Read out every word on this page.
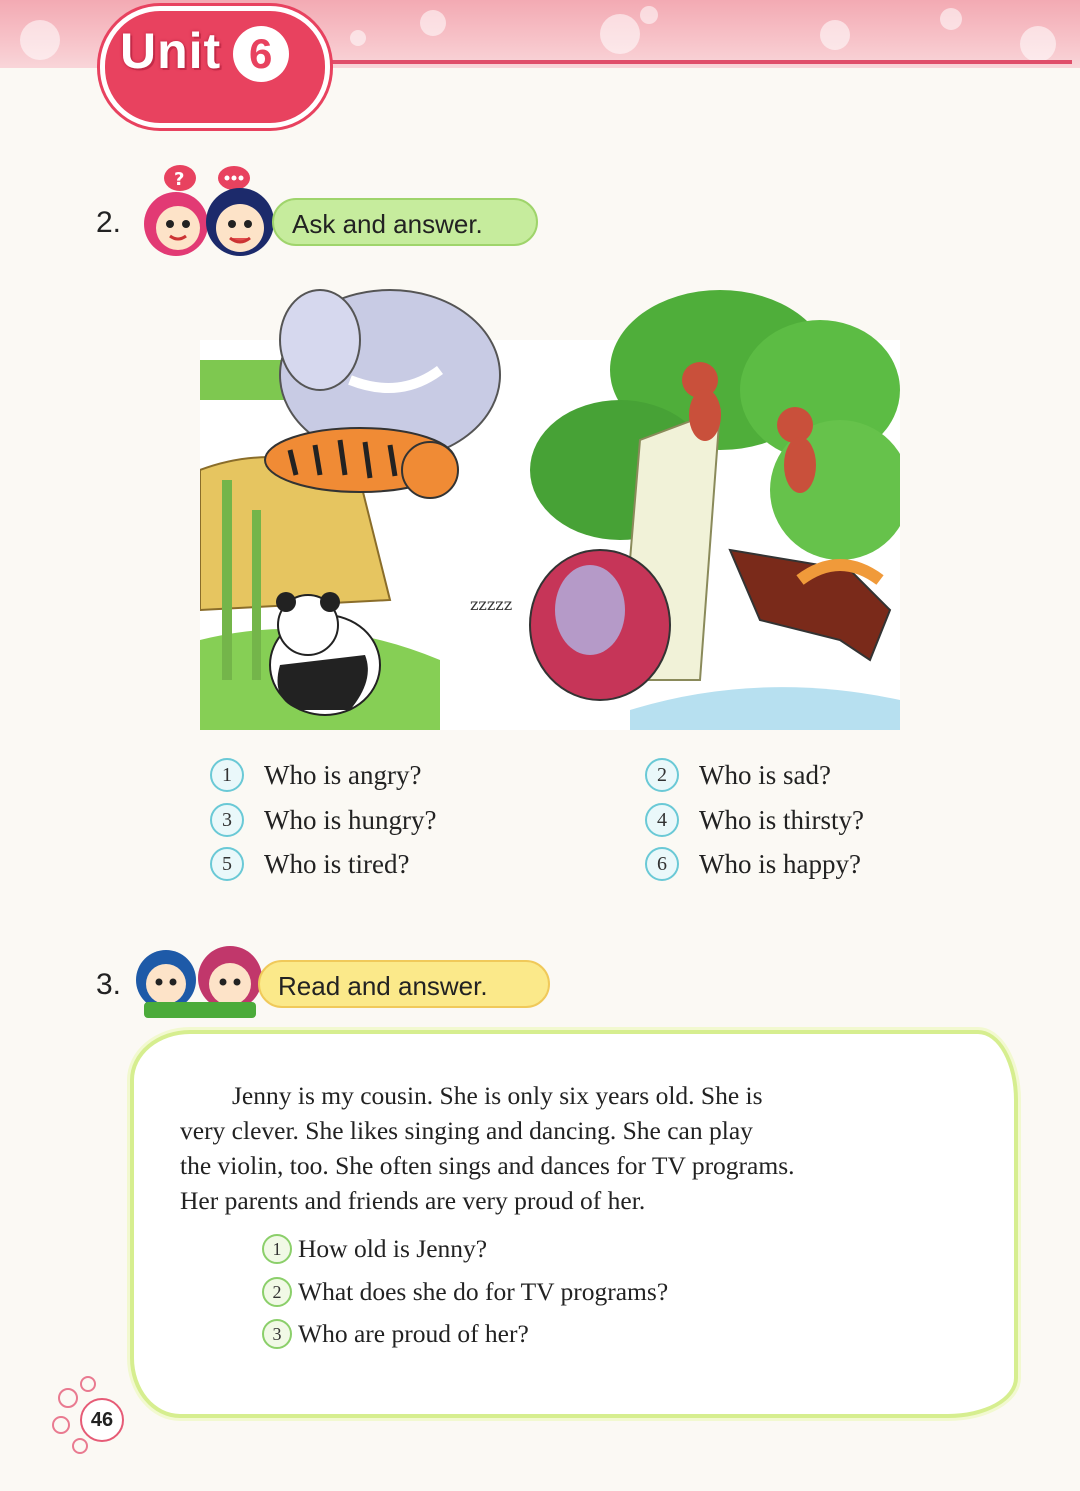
Unit 6
2.
?
Ask and answer.
zzzzz
1	Who is angry?	2	Who is sad?
3	Who is hungry?	4	Who is thirsty?
5	Who is tired?	6	Who is happy?
3.	Read and answer.
Jenny is my cousin. She is only six years old. She is
very clever. She likes singing and dancing. She can play
the violin, too. She often sings and dances for TV programs.
Her parents and friends are very proud of her.
1 How old is Jenny?
2 What does she do for TV programs?
3 Who are proud of her?
46
